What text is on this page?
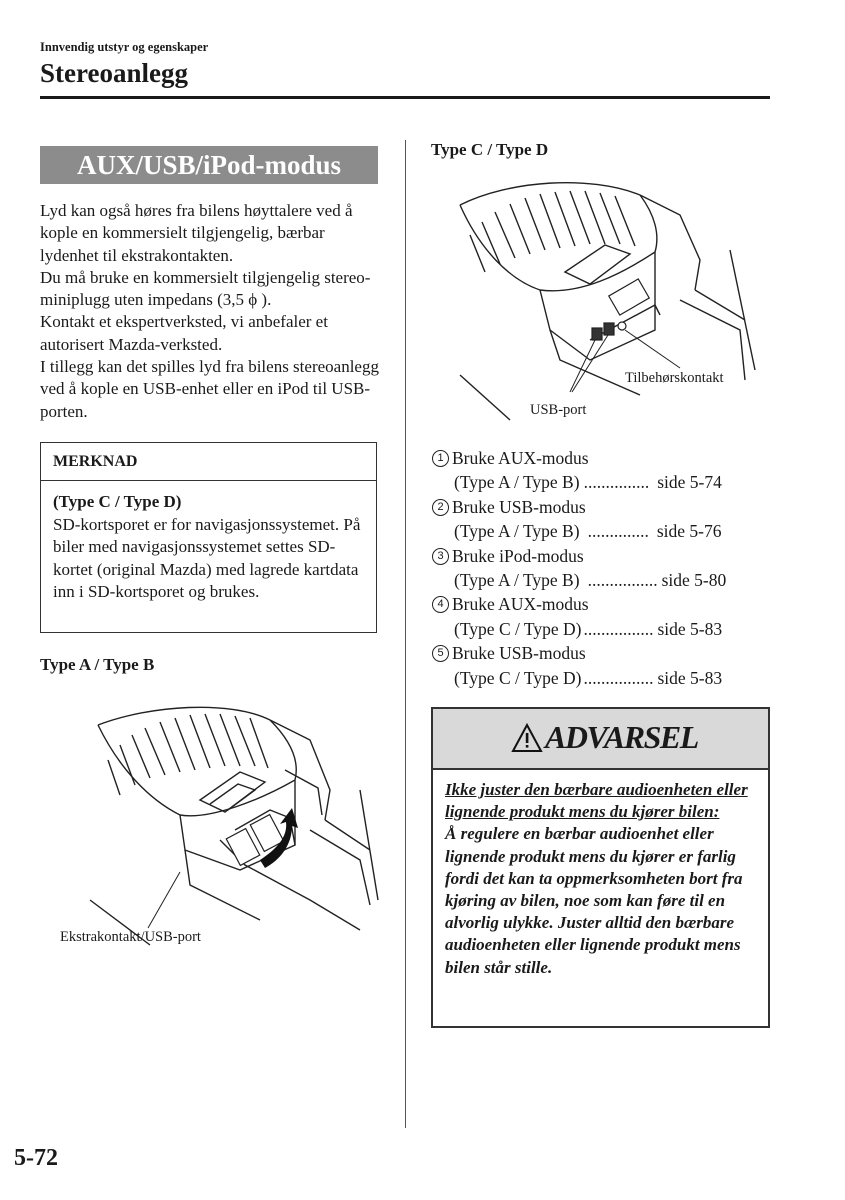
Innvendig utstyr og egenskaper
Stereoanlegg
AUX/USB/iPod-modus

Lyd kan også høres fra bilens høyttalere ved å kople en kommersielt tilgjengelig, bærbar lydenhet til ekstrakontakten.

Du må bruke en kommersielt tilgjengelig stereo-miniplugg uten impedans (3,5 ϕ ).

Kontakt et ekspertverksted, vi anbefaler et autorisert Mazda-verksted.

I tillegg kan det spilles lyd fra bilens stereoanlegg ved å kople en USB-enhet eller en iPod til USB-porten.

MERKNAD

(Type C / Type D)

SD-kortsporet er for navigasjonssystemet. På biler med navigasjonssystemet settes SD-kortet (original Mazda) med lagrede kartdata inn i SD-kortsporet og brukes.

Type A / Type B
Ekstrakontakt/USB-port
Type C / Type D
Tilbehørskontakt
USB-port
1 Bruke AUX-modus
(Type A / Type B) ............... side 5-74
2 Bruke USB-modus
(Type A / Type B) .............. side 5-76
3 Bruke iPod-modus
(Type A / Type B) ................ side 5-80
4 Bruke AUX-modus
(Type C / Type D) ................ side 5-83
5 Bruke USB-modus
(Type C / Type D) ................ side 5-83
ADVARSEL

Ikke juster den bærbare audioenheten eller lignende produkt mens du kjører bilen:

Å regulere en bærbar audioenhet eller lignende produkt mens du kjører er farlig fordi det kan ta oppmerksomheten bort fra kjøring av bilen, noe som kan føre til en alvorlig ulykke. Juster alltid den bærbare audioenheten eller lignende produkt mens bilen står stille.

5-72
